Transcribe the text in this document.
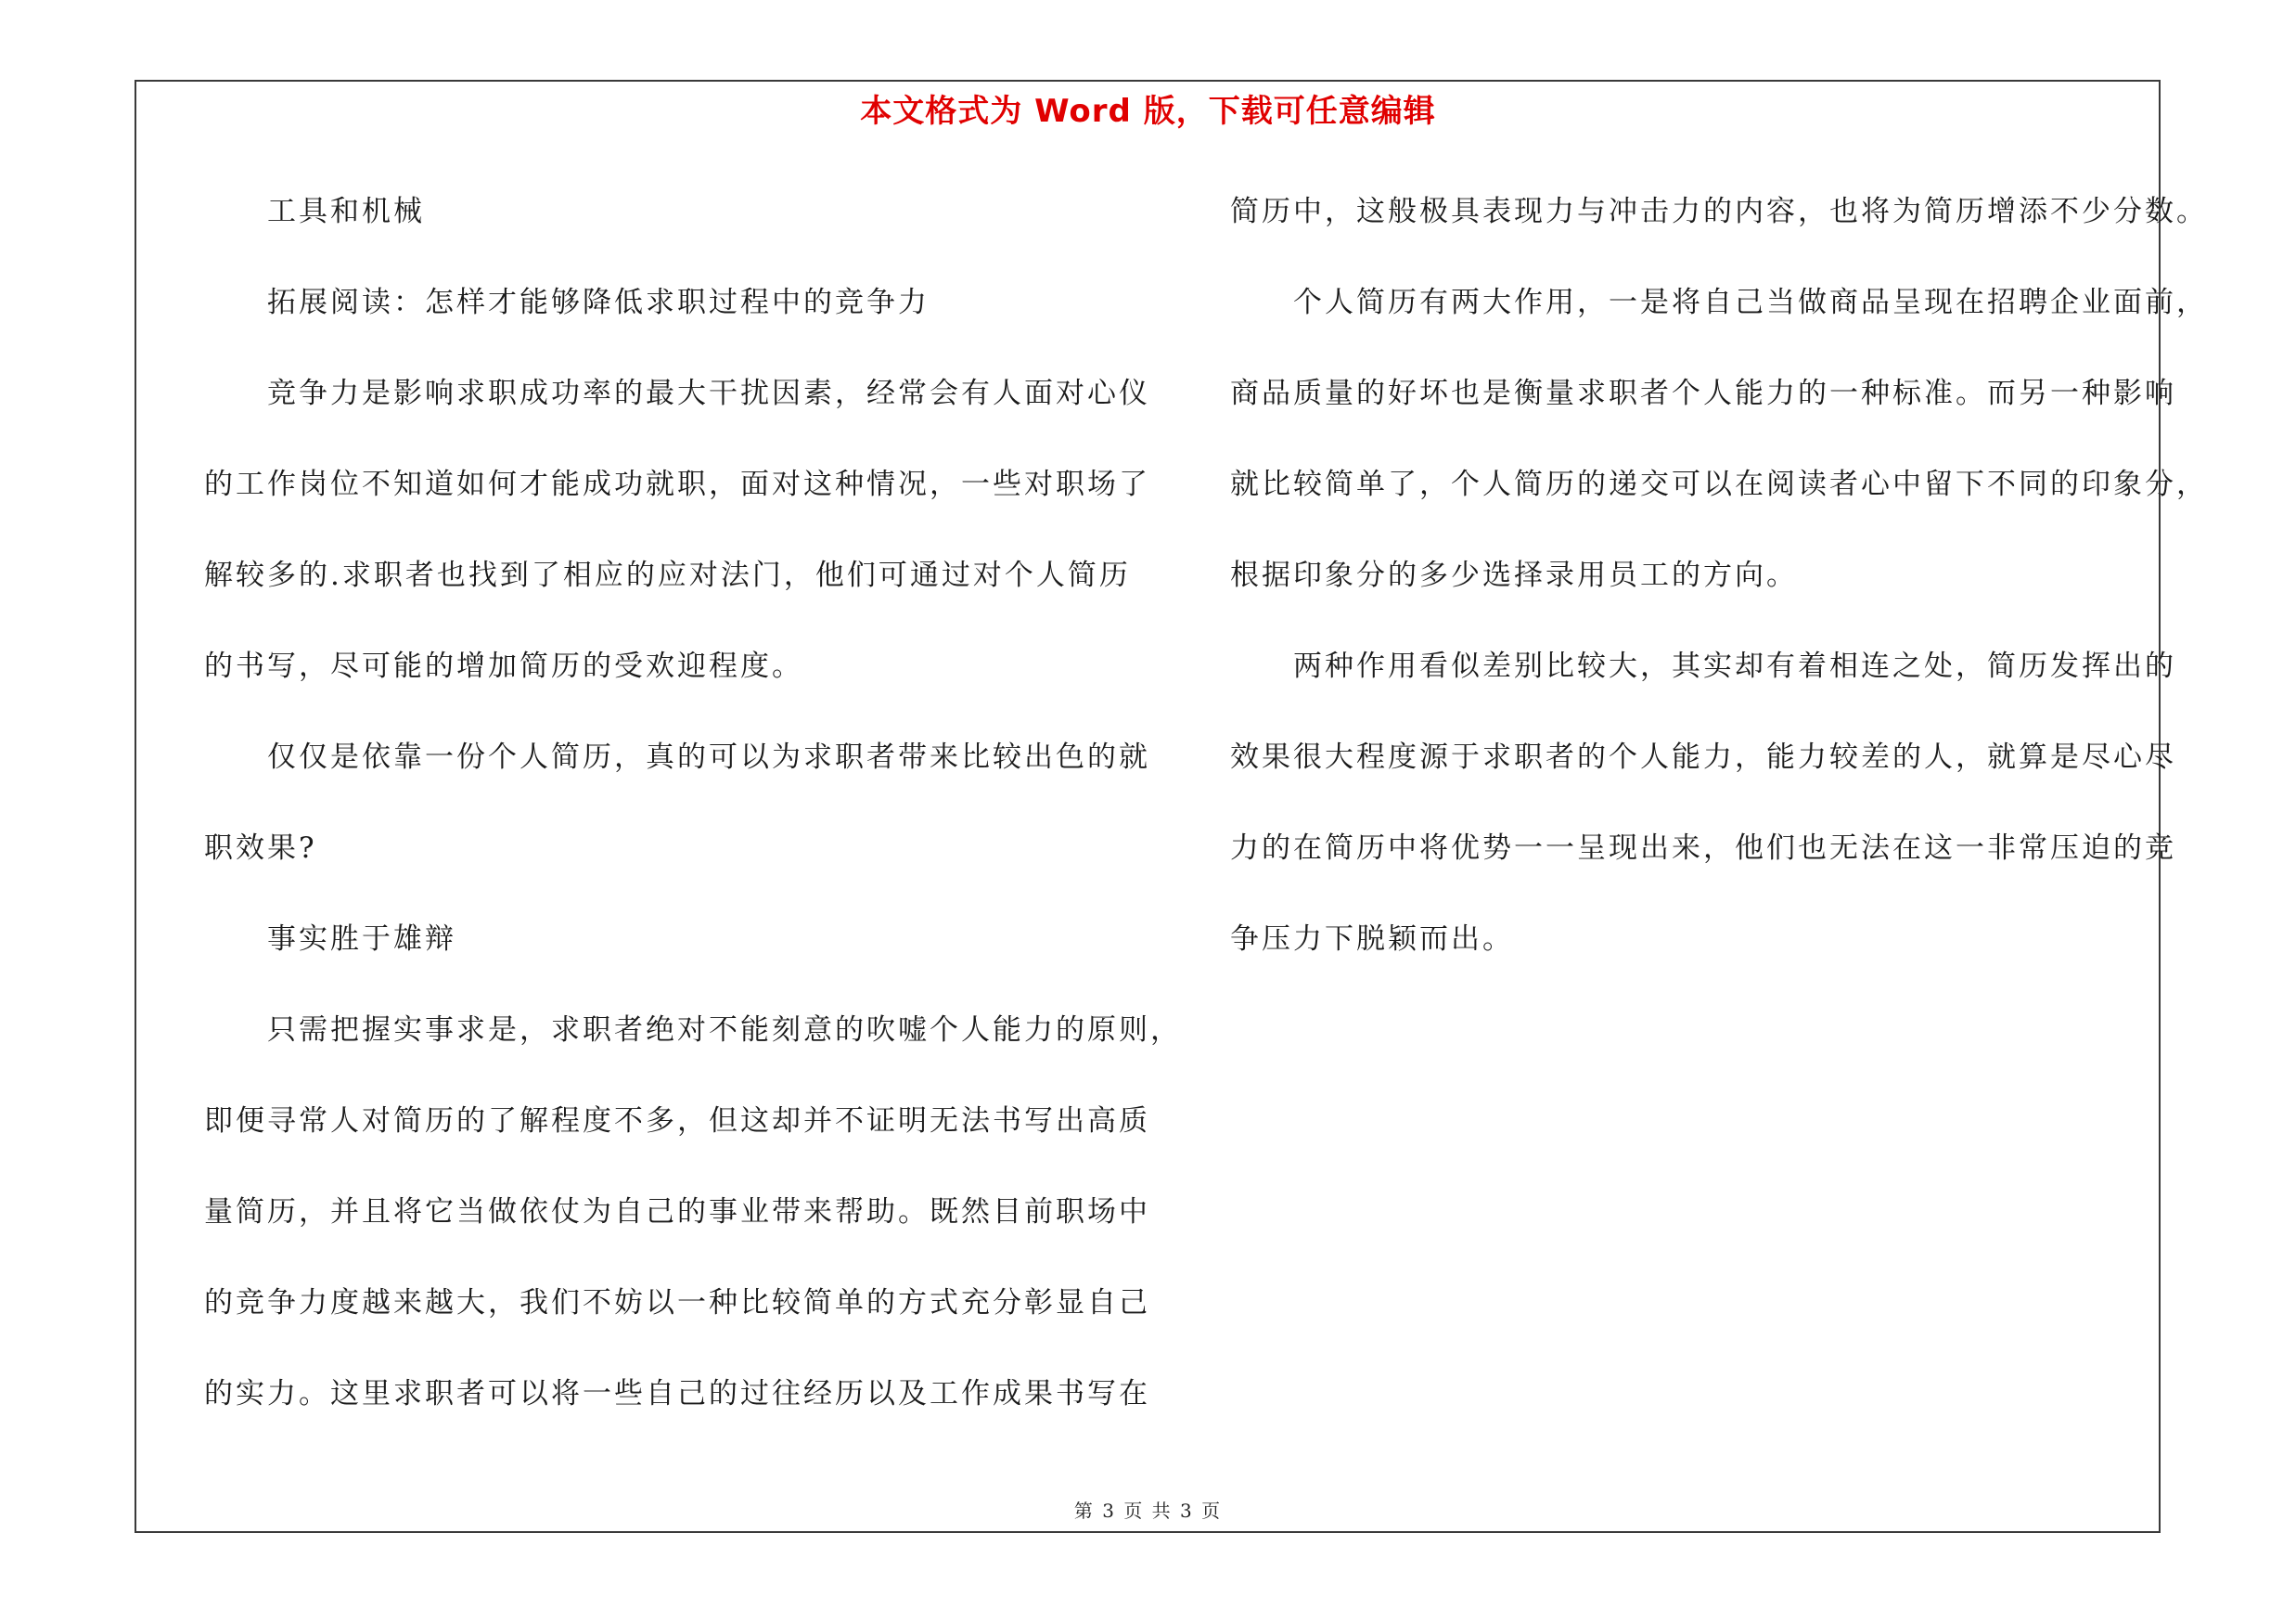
本文格式为 Word 版，下载可任意编辑
工具和机械
拓展阅读：怎样才能够降低求职过程中的竞争力
竞争力是影响求职成功率的最大干扰因素，经常会有人面对心仪
的工作岗位不知道如何才能成功就职，面对这种情况，一些对职场了
解较多的.求职者也找到了相应的应对法门，他们可通过对个人简历
的书写，尽可能的增加简历的受欢迎程度。
仅仅是依靠一份个人简历，真的可以为求职者带来比较出色的就
职效果?
事实胜于雄辩
只需把握实事求是，求职者绝对不能刻意的吹嘘个人能力的原则，
即便寻常人对简历的了解程度不多，但这却并不证明无法书写出高质
量简历，并且将它当做依仗为自己的事业带来帮助。既然目前职场中
的竞争力度越来越大，我们不妨以一种比较简单的方式充分彰显自己
的实力。这里求职者可以将一些自己的过往经历以及工作成果书写在
简历中，这般极具表现力与冲击力的内容，也将为简历增添不少分数。
个人简历有两大作用，一是将自己当做商品呈现在招聘企业面前，
商品质量的好坏也是衡量求职者个人能力的一种标准。而另一种影响
就比较简单了，个人简历的递交可以在阅读者心中留下不同的印象分，
根据印象分的多少选择录用员工的方向。
两种作用看似差别比较大，其实却有着相连之处，简历发挥出的
效果很大程度源于求职者的个人能力，能力较差的人，就算是尽心尽
力的在简历中将优势一一呈现出来，他们也无法在这一非常压迫的竞
争压力下脱颖而出。
第 3 页 共 3 页
